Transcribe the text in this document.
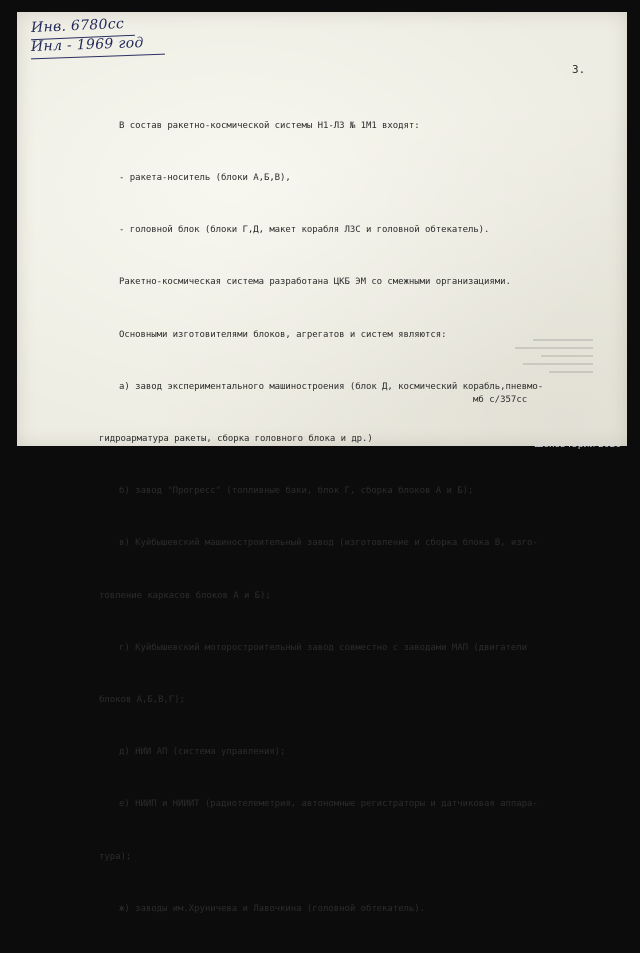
Инв. 6780сс
Инл - 1969 год
3.

В состав ракетно-космической системы Н1-ЛЗ № 1М1 входят:

- ракета-носитель (блоки А,Б,В),

- головной блок (блоки Г,Д, макет корабля ЛЗС и головной обтекатель).

Ракетно-космическая система разработана ЦКБ ЭМ со смежными организациями.

Основными изготовителями блоков, агрегатов и систем являются:

а) завод экспериментального машиностроения (блок Д, космический корабль,пневмо-

гидроарматура ракеты, сборка головного блока и др.)

б) завод "Прогресс" (топливные баки, блок Г, сборка блоков А и Б);

в) Куйбышевский машиностроительный завод (изготовление и сборка блока В, изго-

товление каркасов блоков А и Б);

г) Куйбышевский моторостроительный завод совместно с заводами МАП (двигатели

блоков А,Б,В,Г);

д) НИИ АП (система управления);

е) НИИП и НИИИТ (радиотелеметрия, автономные регистраторы и датчиковая аппара-

тура);

ж) заводы им.Хруничева и Лавочкина (головной обтекатель).

мб с/357сс
Шохов Юрий 2026
